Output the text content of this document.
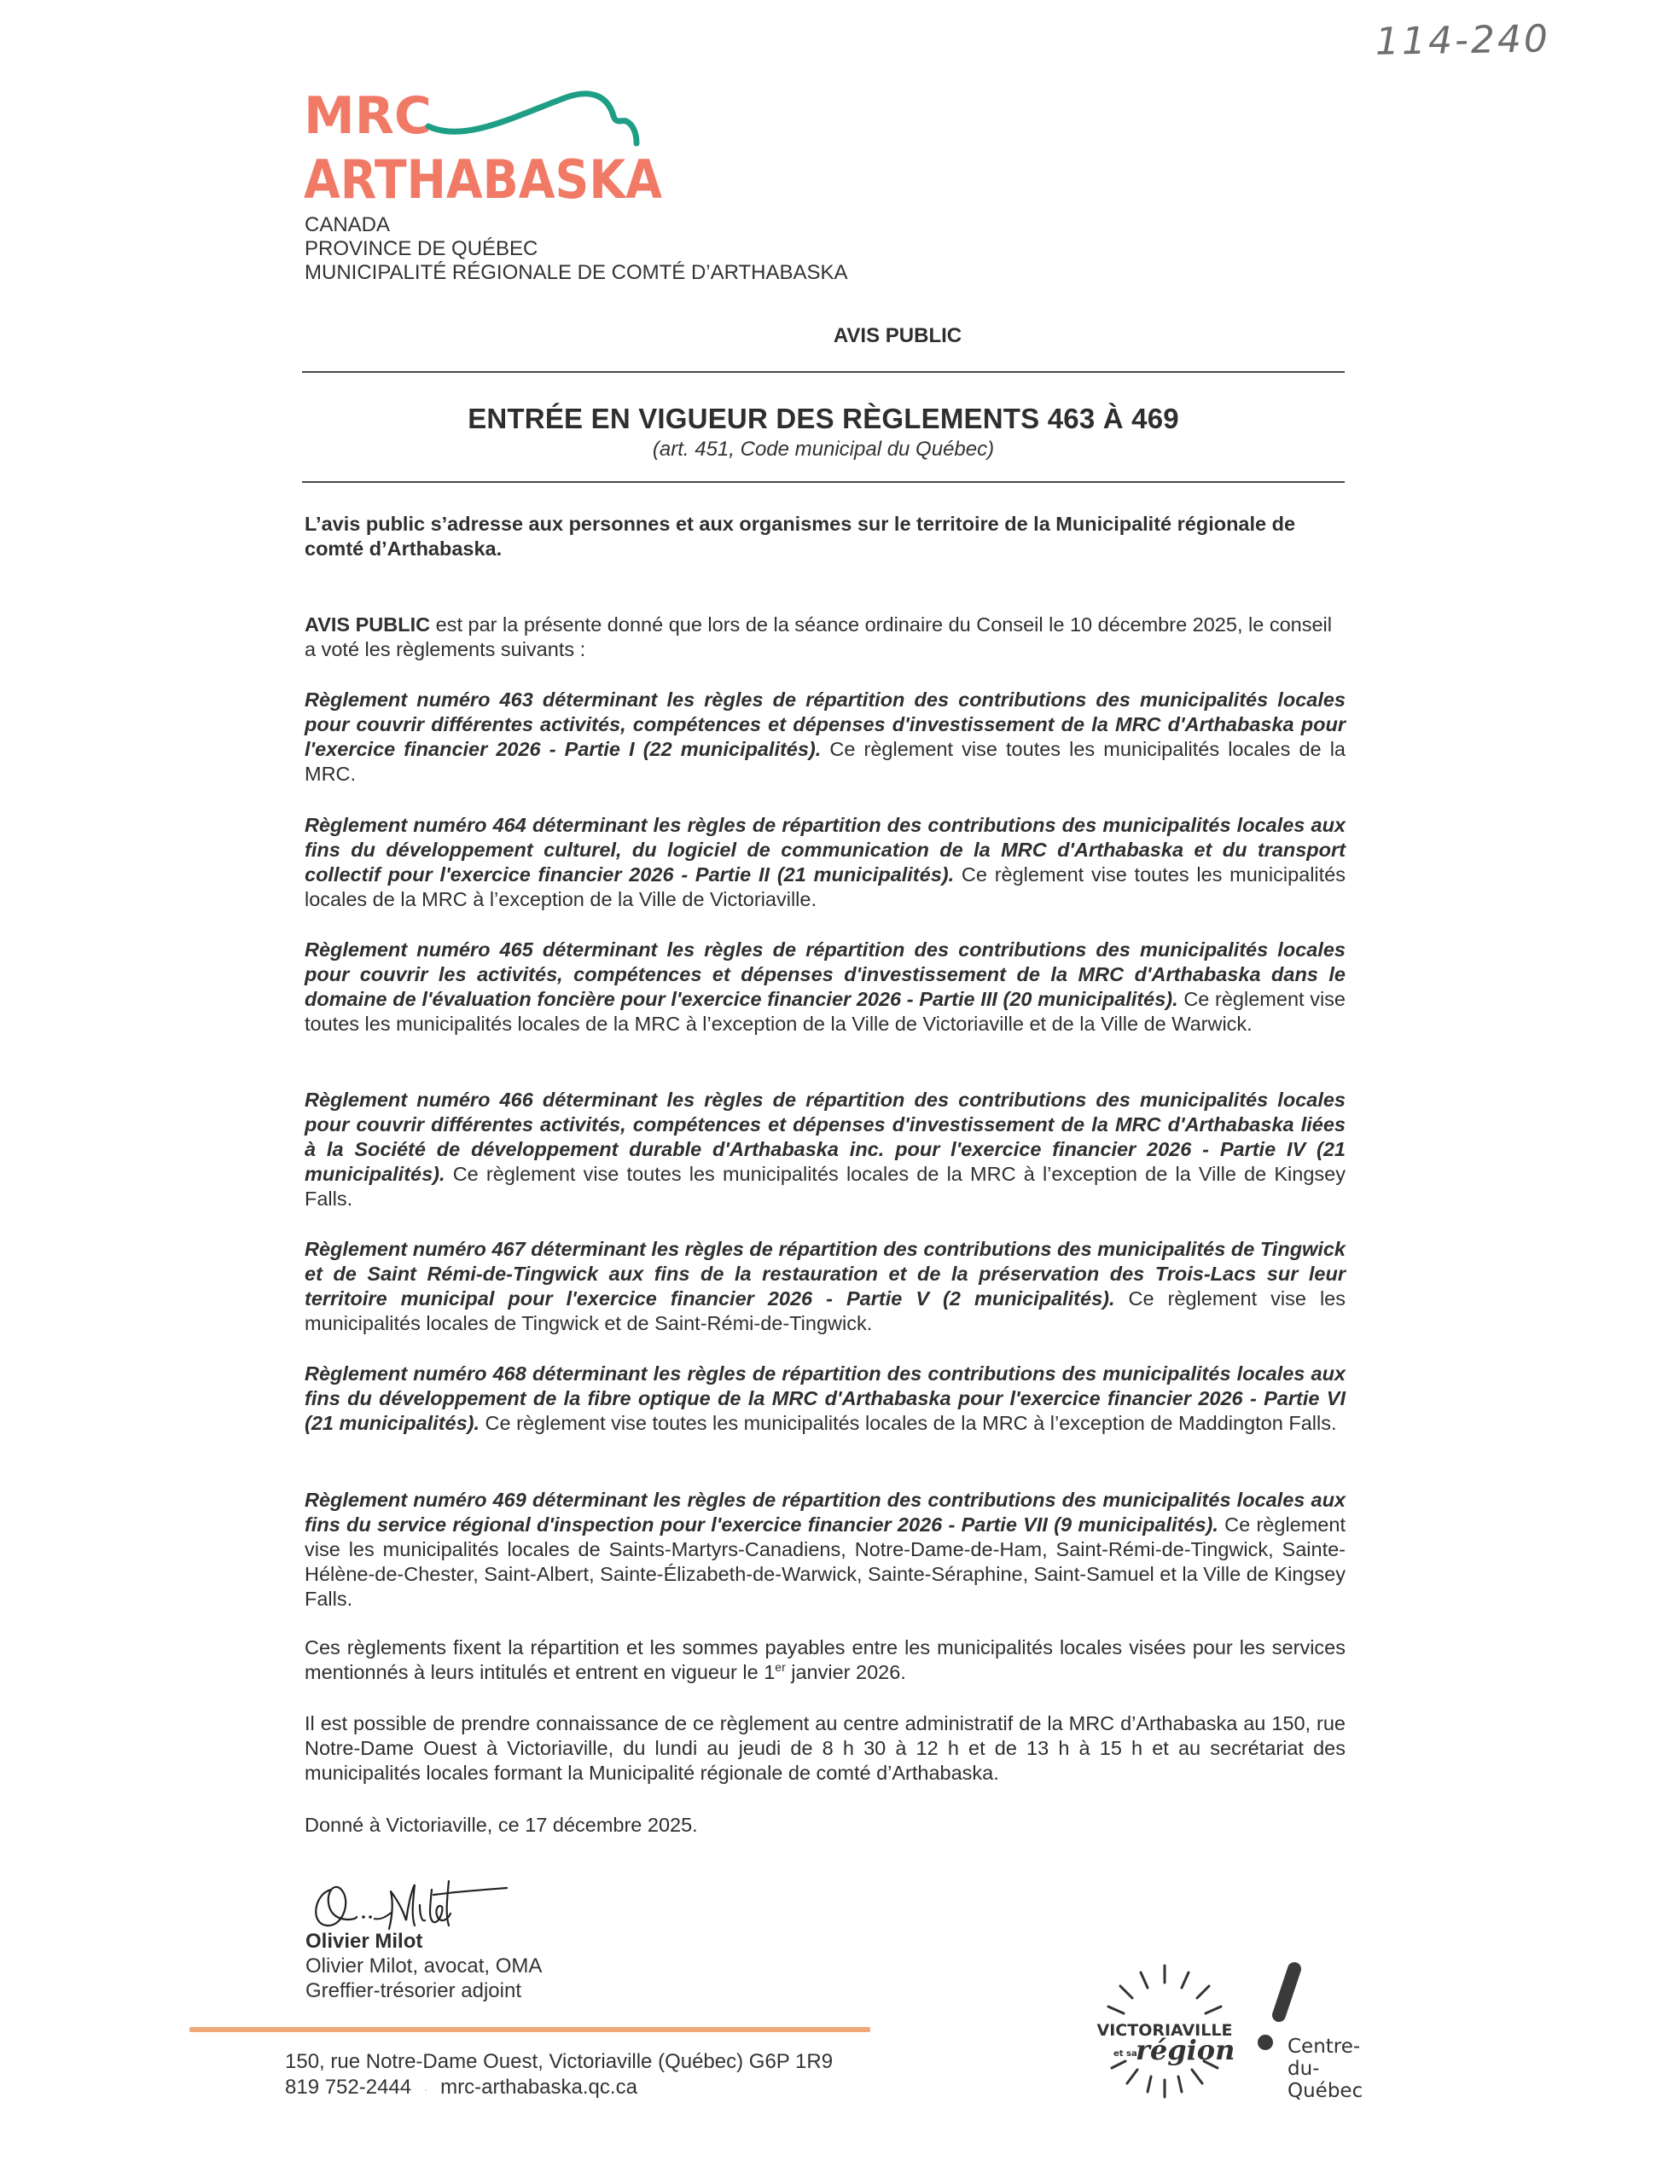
114-240
MRC
ARTHABASKA
CANADA
PROVINCE DE QUÉBEC
MUNICIPALITÉ RÉGIONALE DE COMTÉ D’ARTHABASKA
AVIS PUBLIC
ENTRÉE EN VIGUEUR DES RÈGLEMENTS 463 À 469
(art. 451, Code municipal du Québec)
L’avis public s’adresse aux personnes et aux organismes sur le territoire de la Municipalité régionale de comté d’Arthabaska.
AVIS PUBLIC est par la présente donné que lors de la séance ordinaire du Conseil le 10 décembre 2025, le conseil a voté les règlements suivants :
Règlement numéro 463 déterminant les règles de répartition des contributions des municipalités locales pour couvrir différentes activités, compétences et dépenses d'investissement de la MRC d'Arthabaska pour l'exercice financier 2026 - Partie I (22 municipalités). Ce règlement vise toutes les municipalités locales de la MRC.
Règlement numéro 464 déterminant les règles de répartition des contributions des municipalités locales aux fins du développement culturel, du logiciel de communication de la MRC d'Arthabaska et du transport collectif pour l'exercice financier 2026 - Partie II (21 municipalités). Ce règlement vise toutes les municipalités locales de la MRC à l’exception de la Ville de Victoriaville.
Règlement numéro 465 déterminant les règles de répartition des contributions des municipalités locales pour couvrir les activités, compétences et dépenses d'investissement de la MRC d'Arthabaska dans le domaine de l'évaluation foncière pour l'exercice financier 2026 - Partie III (20 municipalités). Ce règlement vise toutes les municipalités locales de la MRC à l’exception de la Ville de Victoriaville et de la Ville de Warwick.
Règlement numéro 466 déterminant les règles de répartition des contributions des municipalités locales pour couvrir différentes activités, compétences et dépenses d'investissement de la MRC d'Arthabaska liées à la Société de développement durable d'Arthabaska inc. pour l'exercice financier 2026 - Partie IV (21 municipalités). Ce règlement vise toutes les municipalités locales de la MRC à l’exception de la Ville de Kingsey Falls.
Règlement numéro 467 déterminant les règles de répartition des contributions des municipalités de Tingwick et de Saint Rémi-de-Tingwick aux fins de la restauration et de la préservation des Trois-Lacs sur leur territoire municipal pour l'exercice financier 2026 - Partie V (2 municipalités). Ce règlement vise les municipalités locales de Tingwick et de Saint-Rémi-de-Tingwick.
Règlement numéro 468 déterminant les règles de répartition des contributions des municipalités locales aux fins du développement de la fibre optique de la MRC d'Arthabaska pour l'exercice financier 2026 - Partie VI (21 municipalités). Ce règlement vise toutes les municipalités locales de la MRC à l’exception de Maddington Falls.
Règlement numéro 469 déterminant les règles de répartition des contributions des municipalités locales aux fins du service régional d'inspection pour l'exercice financier 2026 - Partie VII (9 municipalités). Ce règlement vise les municipalités locales de Saints-Martyrs-Canadiens, Notre-Dame-de-Ham, Saint-Rémi-de-Tingwick, Sainte-Hélène-de-Chester, Saint-Albert, Sainte-Élizabeth-de-Warwick, Sainte-Séraphine, Saint-Samuel et la Ville de Kingsey Falls.
Ces règlements fixent la répartition et les sommes payables entre les municipalités locales visées pour les services mentionnés à leurs intitulés et entrent en vigueur le 1er janvier 2026.
Il est possible de prendre connaissance de ce règlement au centre administratif de la MRC d’Arthabaska au 150, rue Notre-Dame Ouest à Victoriaville, du lundi au jeudi de 8 h 30 à 12 h et de 13 h à 15 h et au secrétariat des municipalités locales formant la Municipalité régionale de comté d’Arthabaska.
Donné à Victoriaville, ce 17 décembre 2025.
Olivier Milot
Olivier Milot, avocat, OMA
Greffier-trésorier adjoint
150, rue Notre-Dame Ouest, Victoriaville (Québec) G6P 1R9
819 752-2444 · mrc-arthabaska.qc.ca
VICTORIAVILLE
et sa
région	Centre-
du-
Québec
